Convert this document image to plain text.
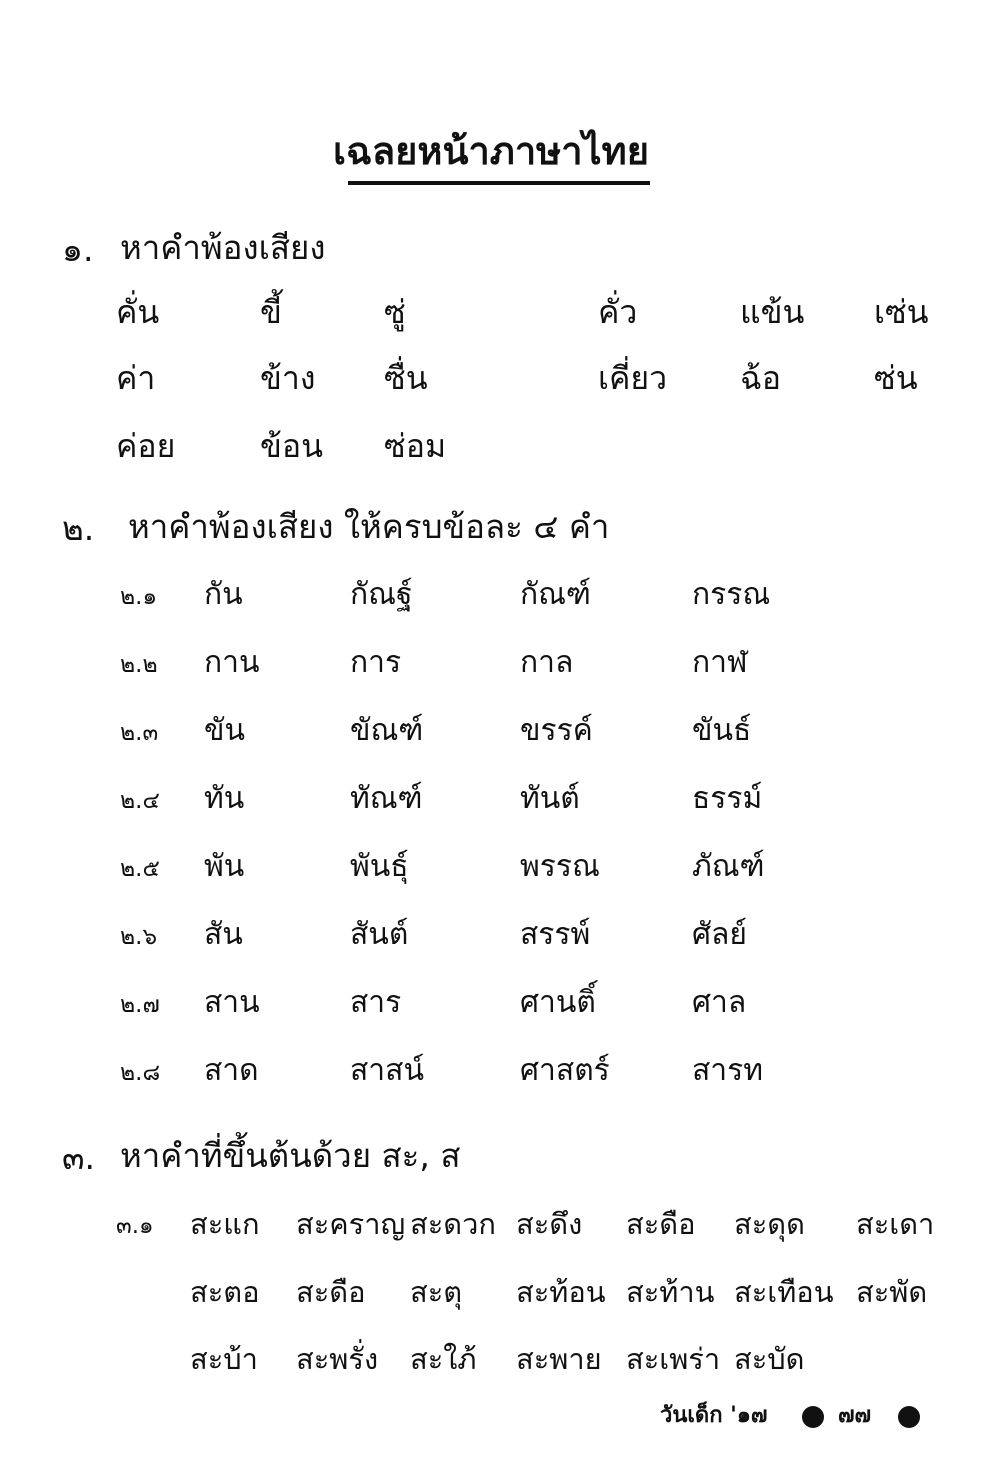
เฉลยหน้าภาษาไทย
๑. หาคำพ้องเสียง
คั่น	ขี้	ซู่	คั่ว	แข้น เซ่น
ค่า	ข้าง ซื่น	เคี่ยว ฉ้อ	ซ่น
ค่อย	ข้อน ซ่อม
๒. หาคำพ้องเสียง ให้ครบข้อละ ๔ คำ
๒.๑ กัน	กัณฐ์	กัณฑ์	กรรณ
๒.๒ กาน	การ	กาล	กาฬ
๒.๓ ขัน	ขัณฑ์	ขรรค์	ขันธ์
๒.๔ ทัน	ทัณฑ์	ทันต์	ธรรม์
๒.๕ พัน	พันธุ์	พรรณ	ภัณฑ์
๒.๖ สัน	สันต์	สรรพ์	ศัลย์
๒.๗ สาน	สาร	ศานติ์	ศาล
๒.๘ สาด	สาสน์	ศาสตร์	สารท
๓. หาคำที่ขึ้นต้นด้วย สะ, ส
๓.๑ สะแก สะคราญ สะดวก สะดึง สะดือ สะดุด สะเดา
สะตอ สะดือ สะตุ สะท้อน สะท้าน สะเทือน สะพัด
สะบ้า สะพรั่ง สะใภ้ สะพาย สะเพร่า สะบัด
วันเด็ก '๑๗	๗๗
